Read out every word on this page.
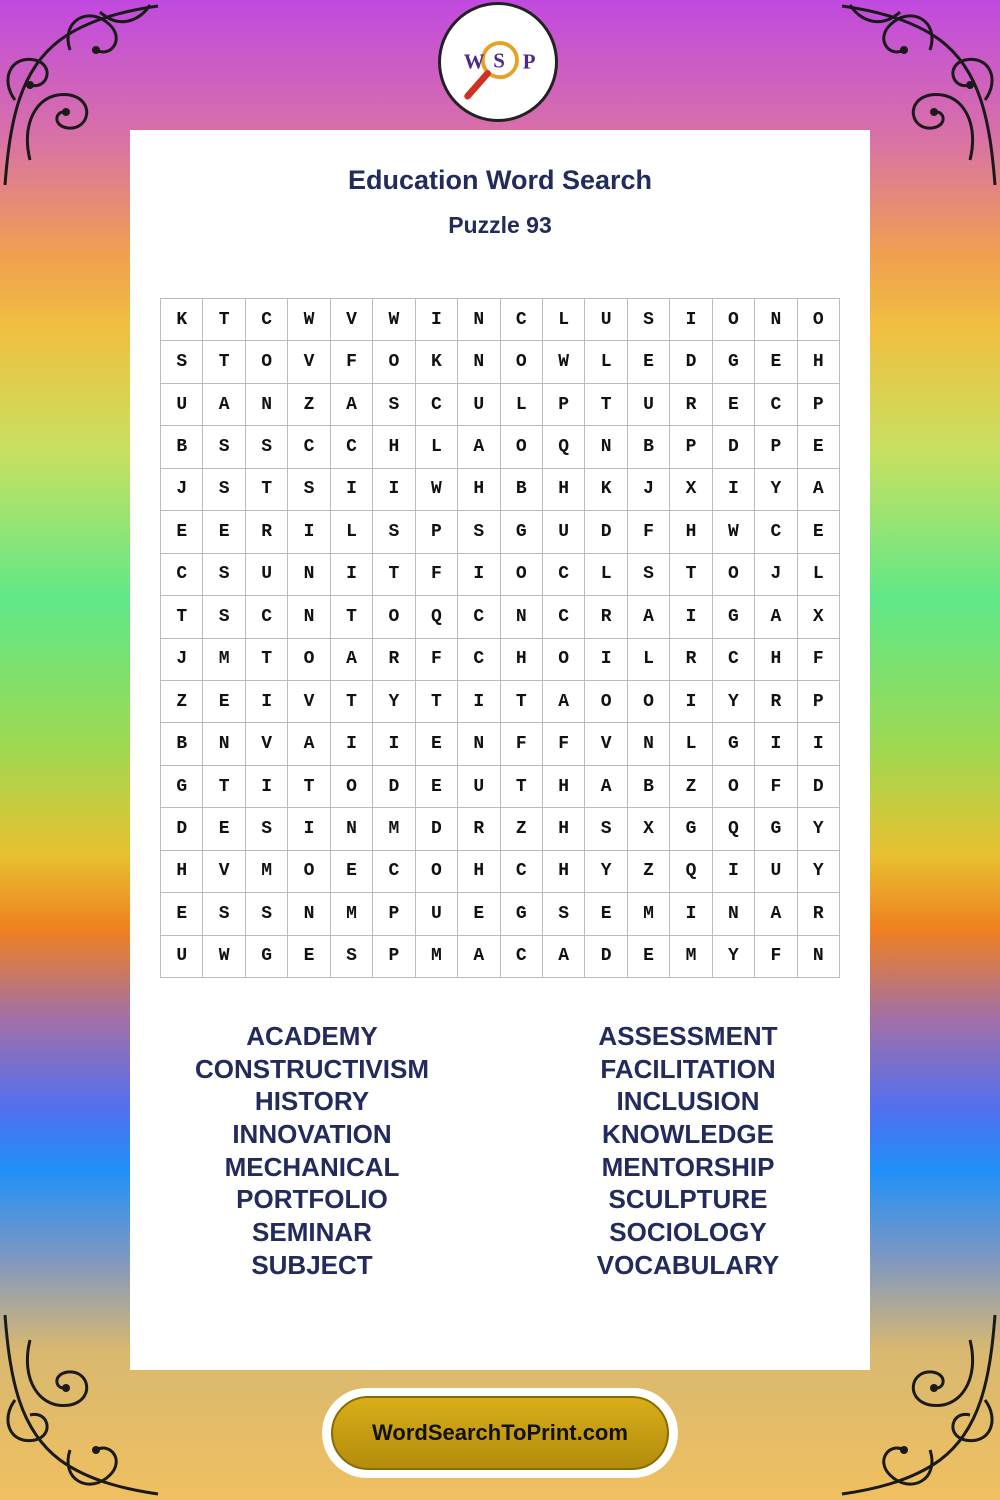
W S P
Education Word Search
Puzzle 93
K	T	C	W	V	W	I	N	C	L	U	S	I	O	N	O
S	T	O	V	F	O	K	N	O	W	L	E	D	G	E	H
U	A	N	Z	A	S	C	U	L	P	T	U	R	E	C	P
B	S	S	C	C	H	L	A	O	Q	N	B	P	D	P	E
J	S	T	S	I	I	W	H	B	H	K	J	X	I	Y	A
E	E	R	I	L	S	P	S	G	U	D	F	H	W	C	E
C	S	U	N	I	T	F	I	O	C	L	S	T	O	J	L
T	S	C	N	T	O	Q	C	N	C	R	A	I	G	A	X
J	M	T	O	A	R	F	C	H	O	I	L	R	C	H	F
Z	E	I	V	T	Y	T	I	T	A	O	O	I	Y	R	P
B	N	V	A	I	I	E	N	F	F	V	N	L	G	I	I
G	T	I	T	O	D	E	U	T	H	A	B	Z	O	F	D
D	E	S	I	N	M	D	R	Z	H	S	X	G	Q	G	Y
H	V	M	O	E	C	O	H	C	H	Y	Z	Q	I	U	Y
E	S	S	N	M	P	U	E	G	S	E	M	I	N	A	R
U	W	G	E	S	P	M	A	C	A	D	E	M	Y	F	N
ACADEMY
CONSTRUCTIVISM
HISTORY
INNOVATION
MECHANICAL
PORTFOLIO
SEMINAR
SUBJECT
ASSESSMENT
FACILITATION
INCLUSION
KNOWLEDGE
MENTORSHIP
SCULPTURE
SOCIOLOGY
VOCABULARY
WordSearchToPrint.com
